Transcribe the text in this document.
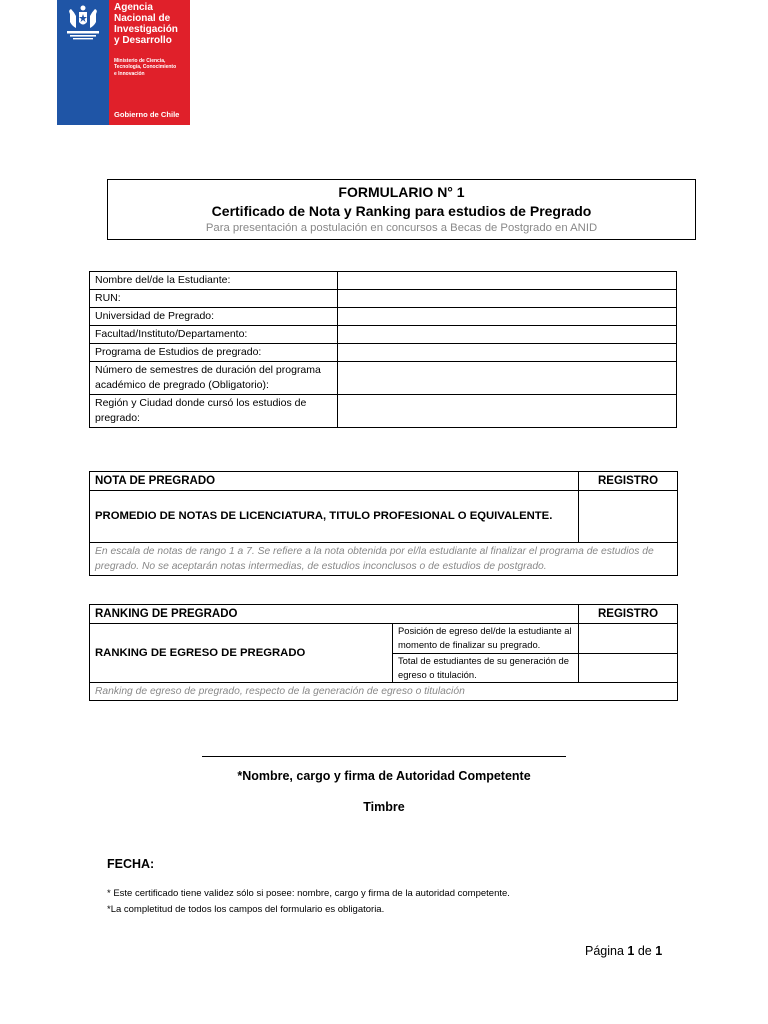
Agencia
Nacional de
Investigación
y Desarrollo
Ministerio de Ciencia,
Tecnología, Conocimiento
e Innovación
Gobierno de Chile
FORMULARIO N° 1
Certificado de Nota y Ranking para estudios de Pregrado
Para presentación a postulación en concursos a Becas de Postgrado en ANID
Nombre del/de la Estudiante:	
RUN:	
Universidad de Pregrado:	
Facultad/Instituto/Departamento:	
Programa de Estudios de pregrado:	
Número de semestres de duración del programa académico de pregrado (Obligatorio):	
Región y Ciudad donde cursó los estudios de pregrado:	
NOTA DE PREGRADO	REGISTRO
PROMEDIO DE NOTAS DE LICENCIATURA, TITULO PROFESIONAL O EQUIVALENTE.	
En escala de notas de rango 1 a 7. Se refiere a la nota obtenida por el/la estudiante al finalizar el programa de estudios de pregrado. No se aceptarán notas intermedias, de estudios inconclusos o de estudios de postgrado.	
RANKING DE PREGRADO		REGISTRO
RANKING DE EGRESO DE PREGRADO	Posición de egreso del/de la estudiante al momento de finalizar su pregrado.	
	Total de estudiantes de su generación de egreso o titulación.	
Ranking de egreso de pregrado, respecto de la generación de egreso o titulación		
*Nombre, cargo y firma de Autoridad Competente
Timbre
FECHA:
* Este certificado tiene validez sólo si posee: nombre, cargo y firma de la autoridad competente.
*La completitud de todos los campos del formulario es obligatoria.
Página 1 de 1
